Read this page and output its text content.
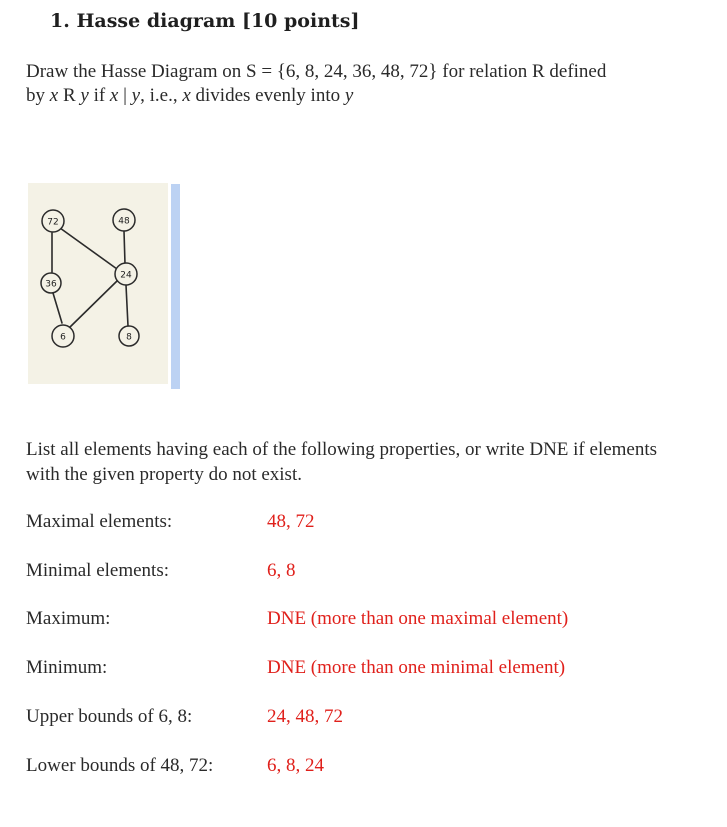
1. Hasse diagram [10 points]
Draw the Hasse Diagram on S = {6, 8, 24, 36, 48, 72} for relation R defined
by x R y if x | y, i.e., x divides evenly into y
72	48
36
24
6	8
List all elements having each of the following properties, or write DNE if elements with the given property do not exist.
Maximal elements:	48, 72
Minimal elements:	6, 8
Maximum:	DNE (more than one maximal element)
Minimum:	DNE (more than one minimal element)
Upper bounds of 6, 8:	24, 48, 72
Lower bounds of 48, 72:	6, 8, 24
